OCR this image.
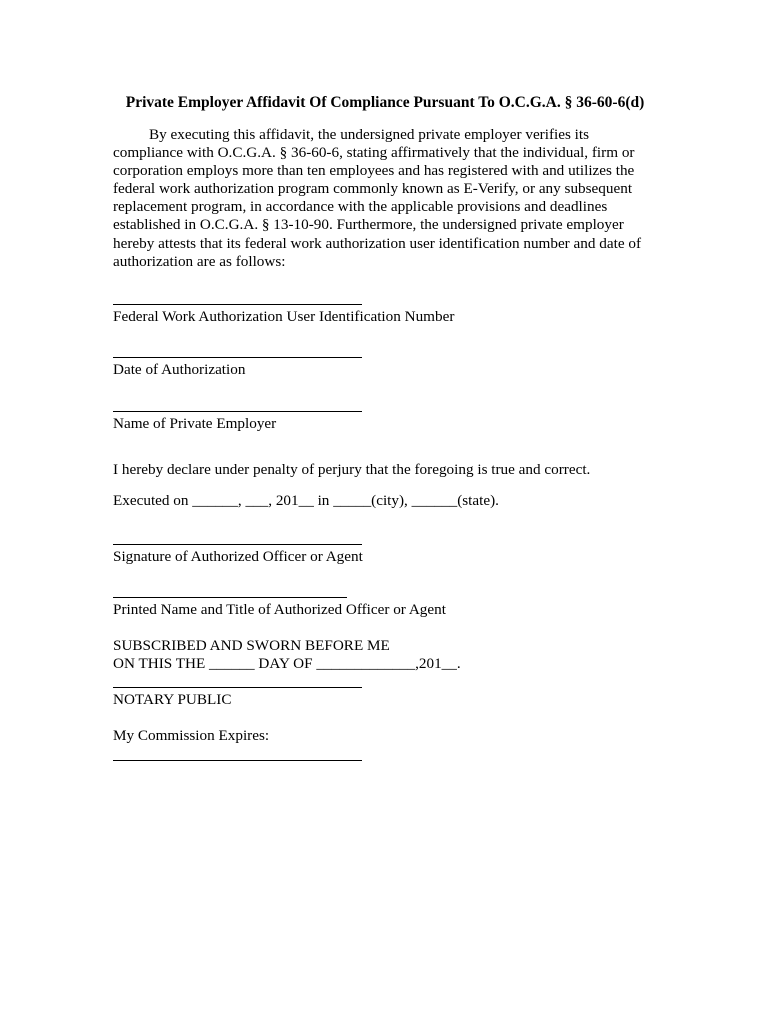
Private Employer Affidavit Of Compliance Pursuant To O.C.G.A. § 36-60-6(d)
By executing this affidavit, the undersigned private employer verifies its
compliance with O.C.G.A. § 36-60-6, stating affirmatively that the individual, firm or
corporation employs more than ten employees and has registered with and utilizes the
federal work authorization program commonly known as E-Verify, or any subsequent
replacement program, in accordance with the applicable provisions and deadlines
established in O.C.G.A. § 13-10-90. Furthermore, the undersigned private employer
hereby attests that its federal work authorization user identification number and date of
authorization are as follows:
Federal Work Authorization User Identification Number
Date of Authorization
Name of Private Employer
I hereby declare under penalty of perjury that the foregoing is true and correct.
Executed on ______, ___, 201__ in _____(city), ______(state).
Signature of Authorized Officer or Agent
Printed Name and Title of Authorized Officer or Agent
SUBSCRIBED AND SWORN BEFORE ME
ON THIS THE ______ DAY OF _____________,201__.
NOTARY PUBLIC
My Commission Expires:
